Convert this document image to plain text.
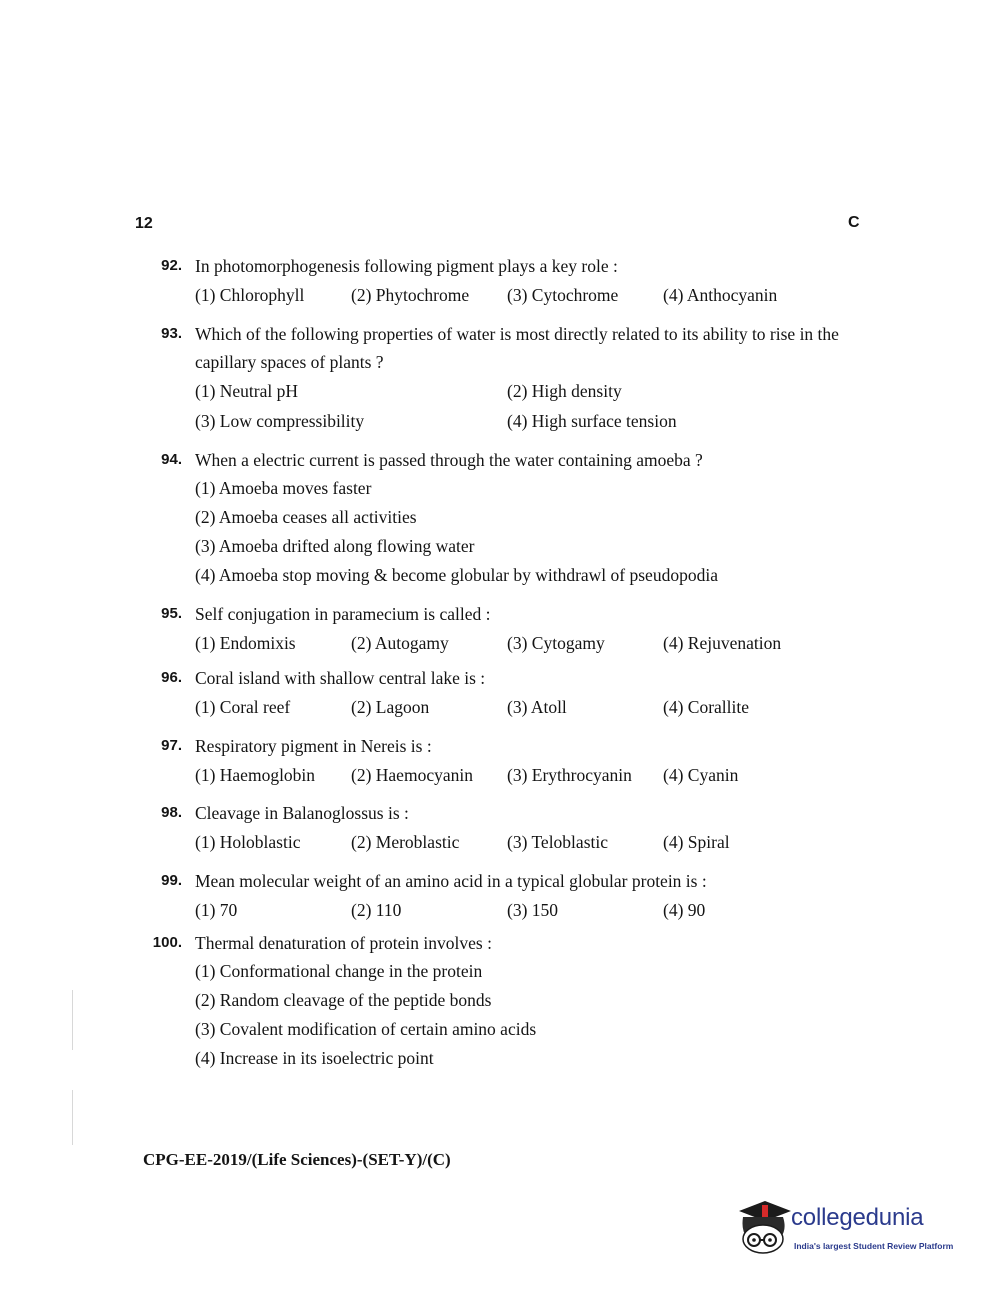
12	C
92. In photomorphogenesis following pigment plays a key role :
(1) Chlorophyll	(2) Phytochrome	(3) Cytochrome	(4) Anthocyanin
93. Which of the following properties of water is most directly related to its ability to rise in the capillary spaces of plants ?
(1) Neutral pH	(2) High density
(3) Low compressibility	(4) High surface tension
94. When a electric current is passed through the water containing amoeba ?
(1) Amoeba moves faster
(2) Amoeba ceases all activities
(3) Amoeba drifted along flowing water
(4) Amoeba stop moving & become globular by withdrawl of pseudopodia
95. Self conjugation in paramecium is called :
(1) Endomixis	(2) Autogamy	(3) Cytogamy	(4) Rejuvenation
96. Coral island with shallow central lake is :
(1) Coral reef	(2) Lagoon	(3) Atoll	(4) Corallite
97. Respiratory pigment in Nereis is :
(1) Haemoglobin	(2) Haemocyanin	(3) Erythrocyanin	(4) Cyanin
98. Cleavage in Balanoglossus is :
(1) Holoblastic	(2) Meroblastic	(3) Teloblastic	(4) Spiral
99. Mean molecular weight of an amino acid in a typical globular protein is :
(1) 70	(2) 110	(3) 150	(4) 90
100. Thermal denaturation of protein involves :
(1) Conformational change in the protein
(2) Random cleavage of the peptide bonds
(3) Covalent modification of certain amino acids
(4) Increase in its isoelectric point
CPG-EE-2019/(Life Sciences)-(SET-Y)/(C)
collegedunia
India's largest Student Review Platform
